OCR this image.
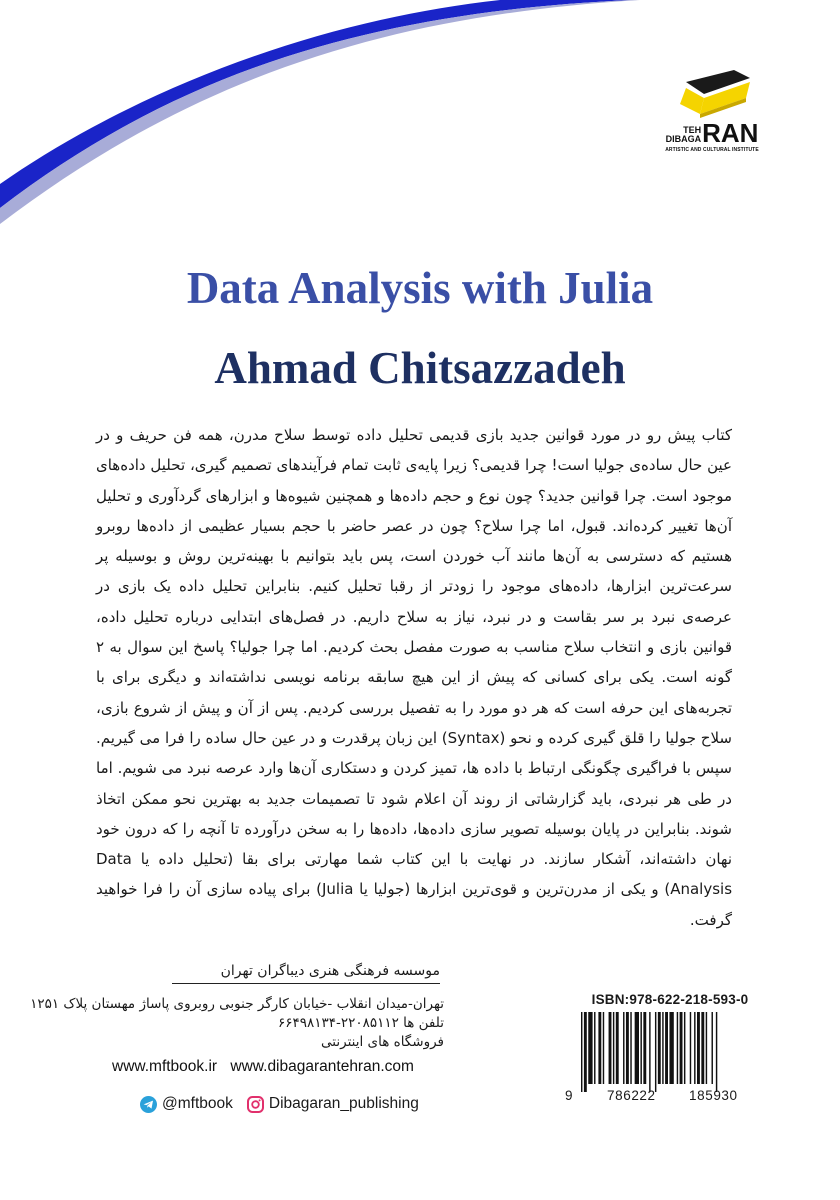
TEH
DIBAGA RAN
ARTISTIC AND CULTURAL INSTITUTE
Data Analysis with Julia
Ahmad Chitsazzadeh

کتاب پیش رو در مورد قوانین جدید بازی قدیمی تحلیل داده توسط سلاح مدرن، همه فن حریف و در عین حال ساده‌ی جولیا است! چرا قدیمی؟ زیرا پایه‌ی ثابت تمام فرآیندهای تصمیم گیری، تحلیل داده‌های موجود است. چرا قوانین جدید؟ چون نوع و حجم داده‌ها و همچنین شیوه‌ها و ابزارهای گردآوری و تحلیل آن‌ها تغییر کرده‌اند. قبول، اما چرا سلاح؟ چون در عصر حاضر با حجم بسیار عظیمی از داده‌ها روبرو هستیم که دسترسی به آن‌ها مانند آب خوردن است، پس باید بتوانیم با بهینه‌ترین روش و بوسیله پر سرعت‌ترین ابزارها، داده‌های موجود را زودتر از رقبا تحلیل کنیم. بنابراین تحلیل داده یک بازی در عرصه‌ی نبرد بر سر بقاست و در نبرد، نیاز به سلاح داریم. در فصل‌های ابتدایی درباره تحلیل داده، قوانین بازی و انتخاب سلاح مناسب به صورت مفصل بحث کردیم. اما چرا جولیا؟ پاسخ این سوال به ۲ گونه است. یکی برای کسانی که پیش از این هیچ سابقه برنامه نویسی نداشته‌اند و دیگری برای با تجربه‌های این حرفه است که هر دو مورد را به تفصیل بررسی کردیم. پس از آن و پیش از شروع بازی، سلاح جولیا را قلق گیری کرده و نحو (Syntax) این زبان پرقدرت و در عین حال ساده را فرا می گیریم. سپس با فراگیری چگونگی ارتباط با داده ها، تمیز کردن و دستکاری آن‌ها وارد عرصه نبرد می شویم. اما در طی هر نبردی، باید گزارشاتی از روند آن اعلام شود تا تصمیمات جدید به بهترین نحو ممکن اتخاذ شوند. بنابراین در پایان بوسیله تصویر سازی داده‌ها، داده‌ها را به سخن درآورده تا آنچه را که درون خود نهان داشته‌اند، آشکار سازند. در نهایت با این کتاب شما مهارتی برای بقا (تحلیل داده یا Data Analysis) و یکی از مدرن‌ترین و قوی‌ترین ابزارها (جولیا یا Julia) برای پیاده سازی آن را فرا خواهید گرفت.

موسسه فرهنگی هنری دیباگران تهران
تهران-میدان انقلاب -خیابان کارگر جنوبی روبروی پاساژ مهستان پلاک ۱۲۵۱
تلفن ها ۲۲۰۸۵۱۱۲-۶۶۴۹۸۱۳۴
فروشگاه های اینترنتی
www.mftbook.ir www.dibagarantehran.com
@mftbook Dibagaran_publishing
ISBN:978-622-218-593-0
9	786222 185930
